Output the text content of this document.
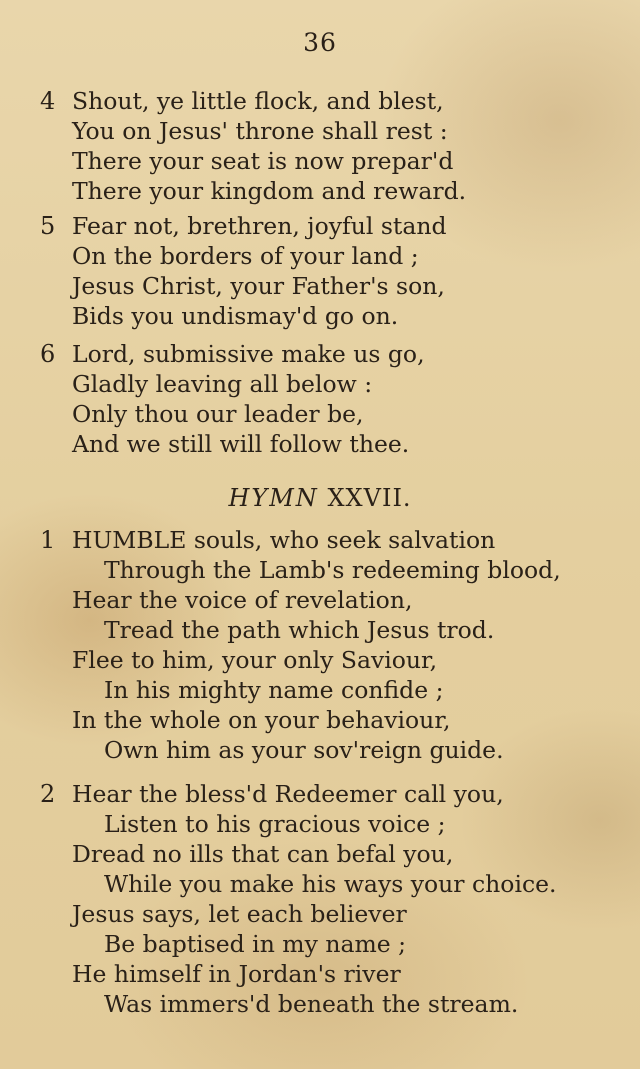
36
4 Shout, ye little flock, and blest,
You on Jesus' throne shall rest :
There your seat is now prepar'd
There your kingdom and reward.
5 Fear not, brethren, joyful stand
On the borders of your land ;
Jesus Christ, your Father's son,
Bids you undismay'd go on.
6 Lord, submissive make us go,
Gladly leaving all below :
Only thou our leader be,
And we still will follow thee.
HYMN XXVII.
1 HUMBLE souls, who seek salvation
Through the Lamb's redeeming blood,
Hear the voice of revelation,
Tread the path which Jesus trod.
Flee to him, your only Saviour,
In his mighty name confide ;
In the whole on your behaviour,
Own him as your sov'reign guide.
2 Hear the bless'd Redeemer call you,
Listen to his gracious voice ;
Dread no ills that can befal you,
While you make his ways your choice.
Jesus says, let each believer
Be baptised in my name ;
He himself in Jordan's river
Was immers'd beneath the stream.
